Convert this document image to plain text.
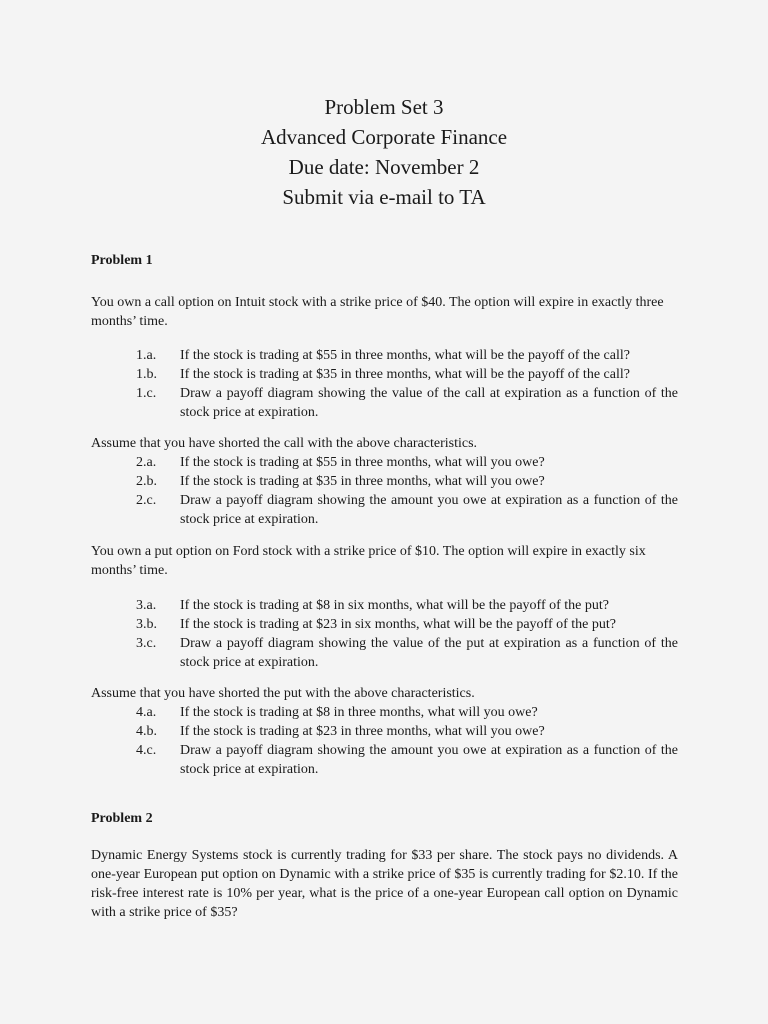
Problem Set 3
Advanced Corporate Finance
Due date: November 2
Submit via e-mail to TA
Problem 1
You own a call option on Intuit stock with a strike price of $40. The option will expire in exactly three months’ time.
1.a. If the stock is trading at $55 in three months, what will be the payoff of the call?
1.b. If the stock is trading at $35 in three months, what will be the payoff of the call?
1.c. Draw a payoff diagram showing the value of the call at expiration as a function of the stock price at expiration.
Assume that you have shorted the call with the above characteristics.
2.a. If the stock is trading at $55 in three months, what will you owe?
2.b. If the stock is trading at $35 in three months, what will you owe?
2.c. Draw a payoff diagram showing the amount you owe at expiration as a function of the stock price at expiration.
You own a put option on Ford stock with a strike price of $10. The option will expire in exactly six months’ time.
3.a. If the stock is trading at $8 in six months, what will be the payoff of the put?
3.b. If the stock is trading at $23 in six months, what will be the payoff of the put?
3.c. Draw a payoff diagram showing the value of the put at expiration as a function of the stock price at expiration.
Assume that you have shorted the put with the above characteristics.
4.a. If the stock is trading at $8 in three months, what will you owe?
4.b. If the stock is trading at $23 in three months, what will you owe?
4.c. Draw a payoff diagram showing the amount you owe at expiration as a function of the stock price at expiration.
Problem 2
Dynamic Energy Systems stock is currently trading for $33 per share. The stock pays no dividends. A one-year European put option on Dynamic with a strike price of $35 is currently trading for $2.10. If the risk-free interest rate is 10% per year, what is the price of a one-year European call option on Dynamic with a strike price of $35?
